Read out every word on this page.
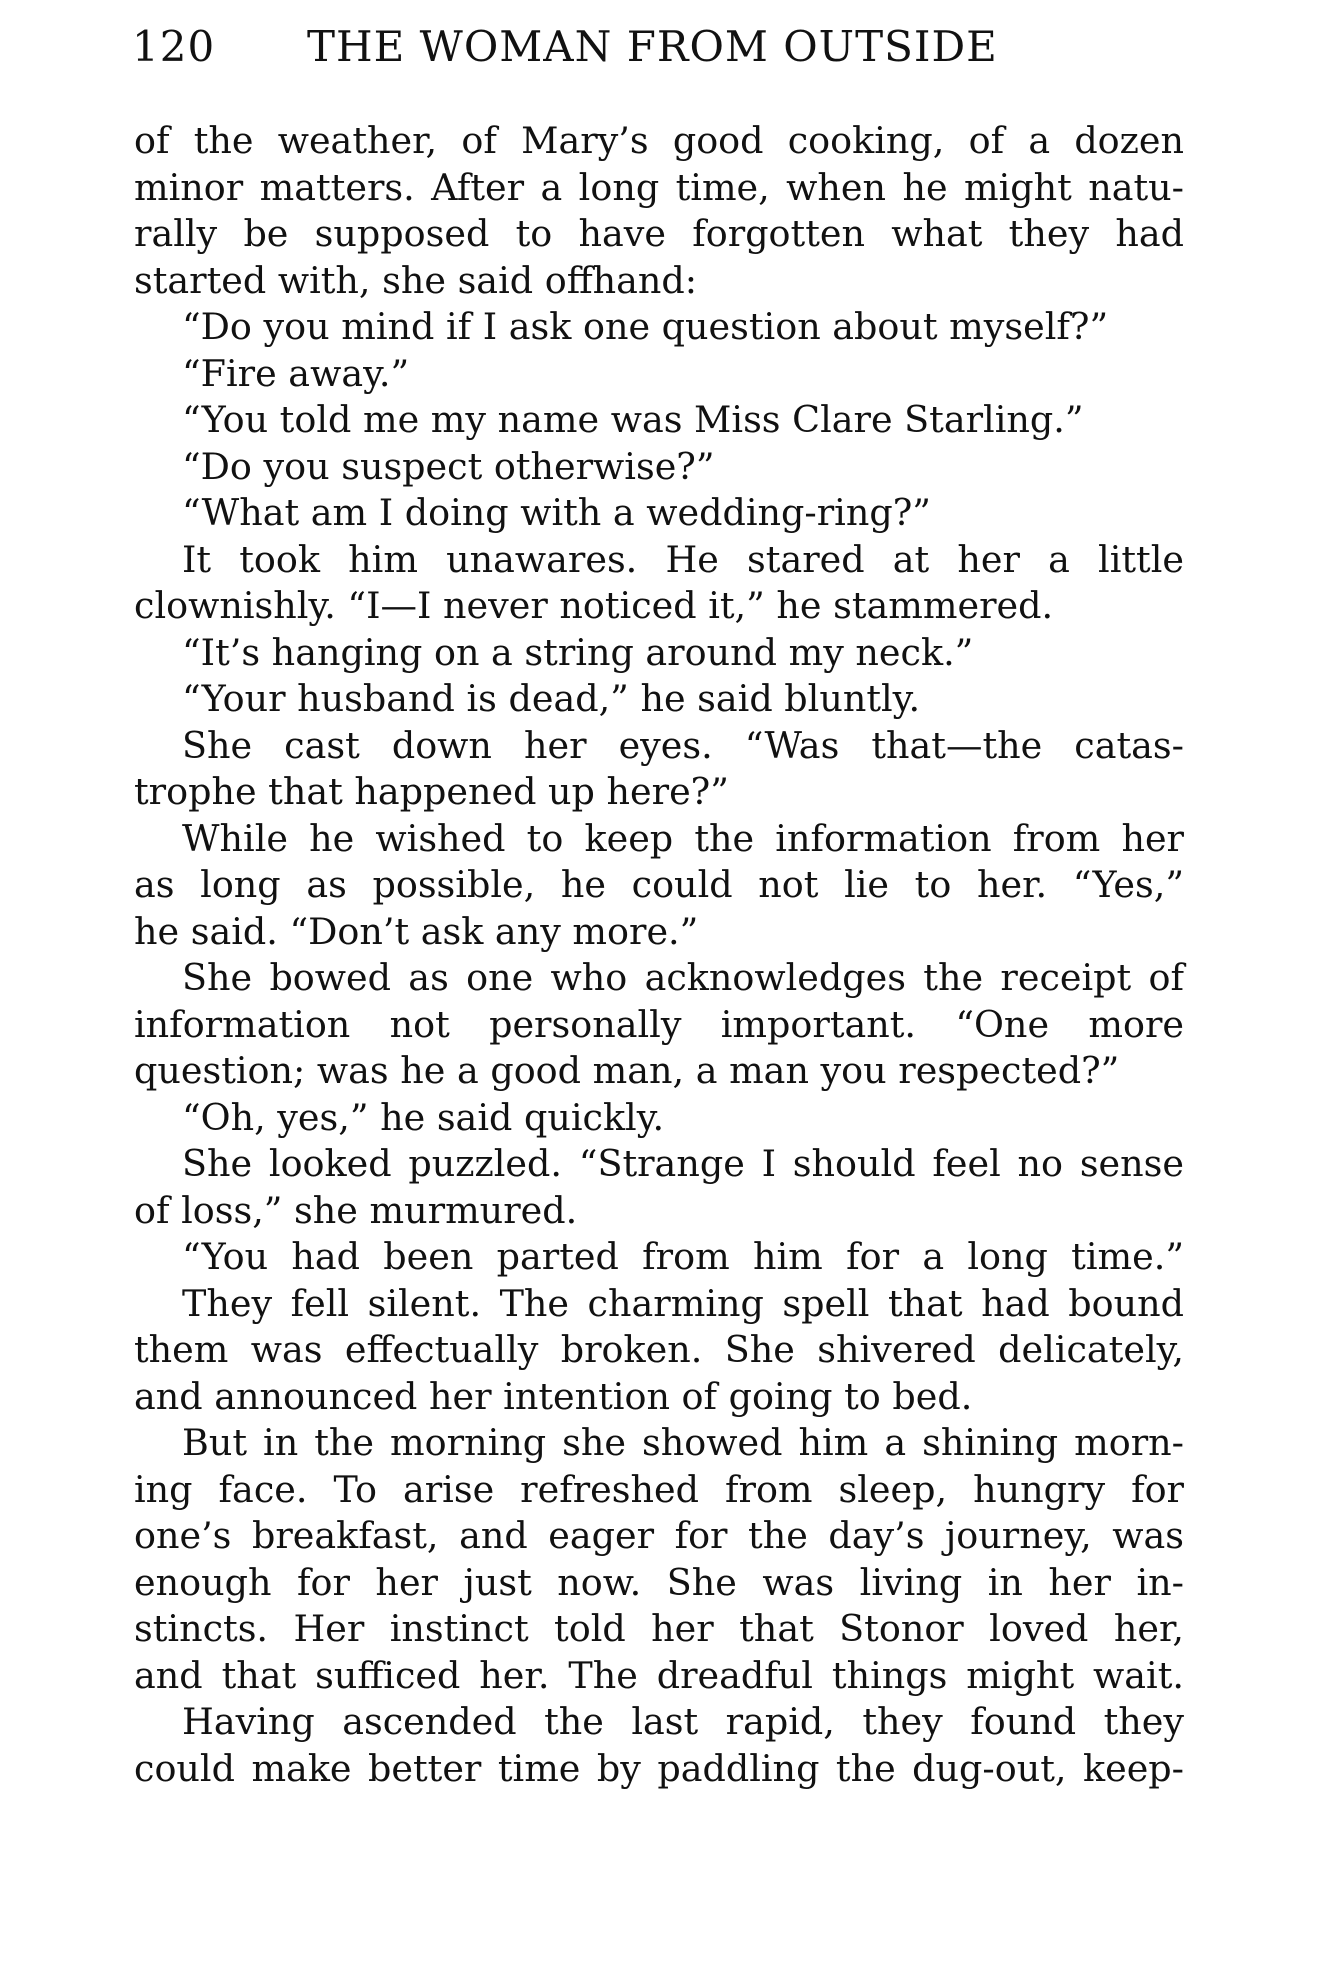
120 THE WOMAN FROM OUTSIDE
of the weather, of Mary’s good cooking, of a dozen
minor matters. After a long time, when he might natu-
rally be supposed to have forgotten what they had
started with, she said offhand:
“Do you mind if I ask one question about myself?”
“Fire away.”
“You told me my name was Miss Clare Starling.”
“Do you suspect otherwise?”
“What am I doing with a wedding-ring?”
It took him unawares. He stared at her a little
clownishly. “I—I never noticed it,” he stammered.
“It’s hanging on a string around my neck.”
“Your husband is dead,” he said bluntly.
She cast down her eyes. “Was that—the catas-
trophe that happened up here?”
While he wished to keep the information from her
as long as possible, he could not lie to her. “Yes,”
he said. “Don’t ask any more.”
She bowed as one who acknowledges the receipt of
information not personally important. “One more
question; was he a good man, a man you respected?”
“Oh, yes,” he said quickly.
She looked puzzled. “Strange I should feel no sense
of loss,” she murmured.
“You had been parted from him for a long time.”
They fell silent. The charming spell that had bound
them was effectually broken. She shivered delicately,
and announced her intention of going to bed.
But in the morning she showed him a shining morn-
ing face. To arise refreshed from sleep, hungry for
one’s breakfast, and eager for the day’s journey, was
enough for her just now. She was living in her in-
stincts. Her instinct told her that Stonor loved her,
and that sufficed her. The dreadful things might wait.
Having ascended the last rapid, they found they
could make better time by paddling the dug-out, keep-
